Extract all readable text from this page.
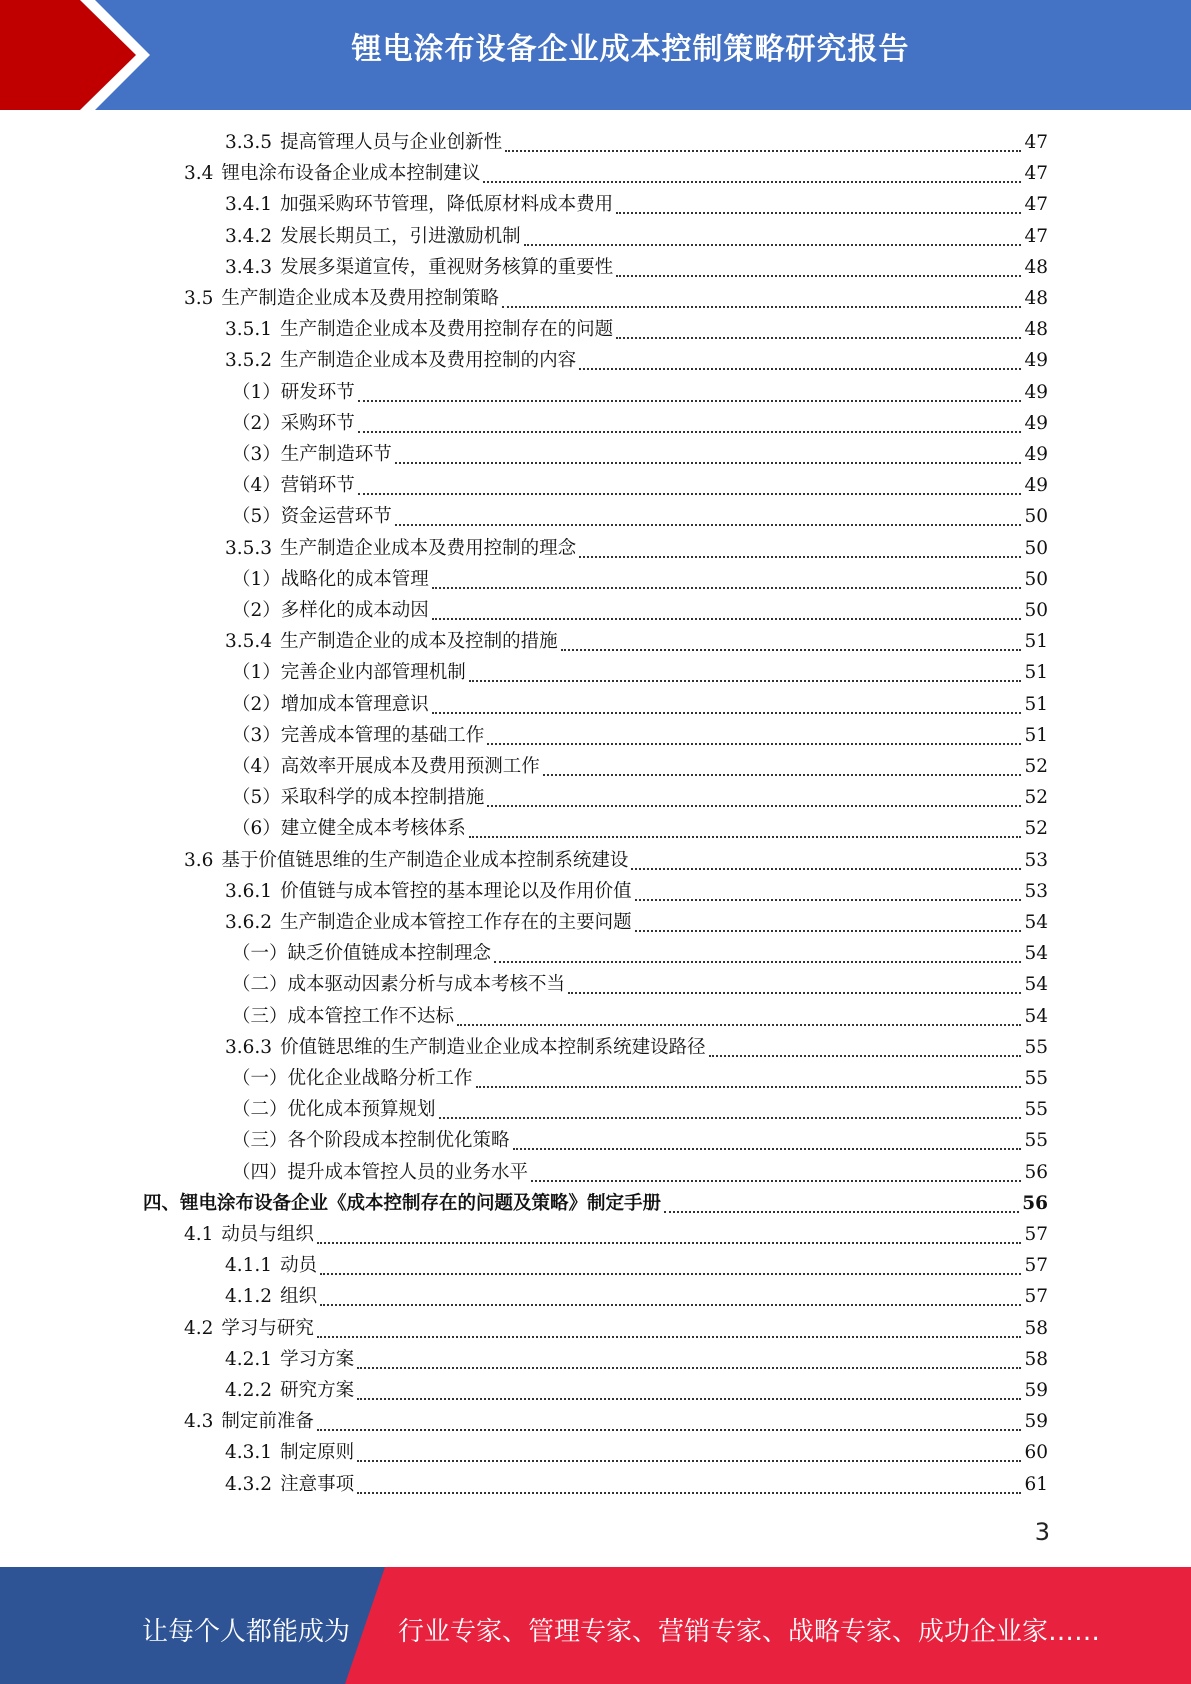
锂电涂布设备企业成本控制策略研究报告
3.3.5 提高管理人员与企业创新性	47
3.4 锂电涂布设备企业成本控制建议	47
3.4.1 加强采购环节管理，降低原材料成本费用	47
3.4.2 发展长期员工，引进激励机制	47
3.4.3 发展多渠道宣传，重视财务核算的重要性	48
3.5 生产制造企业成本及费用控制策略	48
3.5.1 生产制造企业成本及费用控制存在的问题	48
3.5.2 生产制造企业成本及费用控制的内容	49
（1）研发环节	49
（2）采购环节	49
（3）生产制造环节	49
（4）营销环节	49
（5）资金运营环节	50
3.5.3 生产制造企业成本及费用控制的理念	50
（1）战略化的成本管理	50
（2）多样化的成本动因	50
3.5.4 生产制造企业的成本及控制的措施	51
（1）完善企业内部管理机制	51
（2）增加成本管理意识	51
（3）完善成本管理的基础工作	51
（4）高效率开展成本及费用预测工作	52
（5）采取科学的成本控制措施	52
（6）建立健全成本考核体系	52
3.6 基于价值链思维的生产制造企业成本控制系统建设	53
3.6.1 价值链与成本管控的基本理论以及作用价值	53
3.6.2 生产制造企业成本管控工作存在的主要问题	54
（一）缺乏价值链成本控制理念	54
（二）成本驱动因素分析与成本考核不当	54
（三）成本管控工作不达标	54
3.6.3 价值链思维的生产制造业企业成本控制系统建设路径	55
（一）优化企业战略分析工作	55
（二）优化成本预算规划	55
（三）各个阶段成本控制优化策略	55
（四）提升成本管控人员的业务水平	56
四、锂电涂布设备企业《成本控制存在的问题及策略》制定手册	56
4.1 动员与组织	57
4.1.1 动员	57
4.1.2 组织	57
4.2 学习与研究	58
4.2.1 学习方案	58
4.2.2 研究方案	59
4.3 制定前准备	59
4.3.1 制定原则	60
4.3.2 注意事项	61
3
让每个人都能成为 行业专家、管理专家、营销专家、战略专家、成功企业家……
